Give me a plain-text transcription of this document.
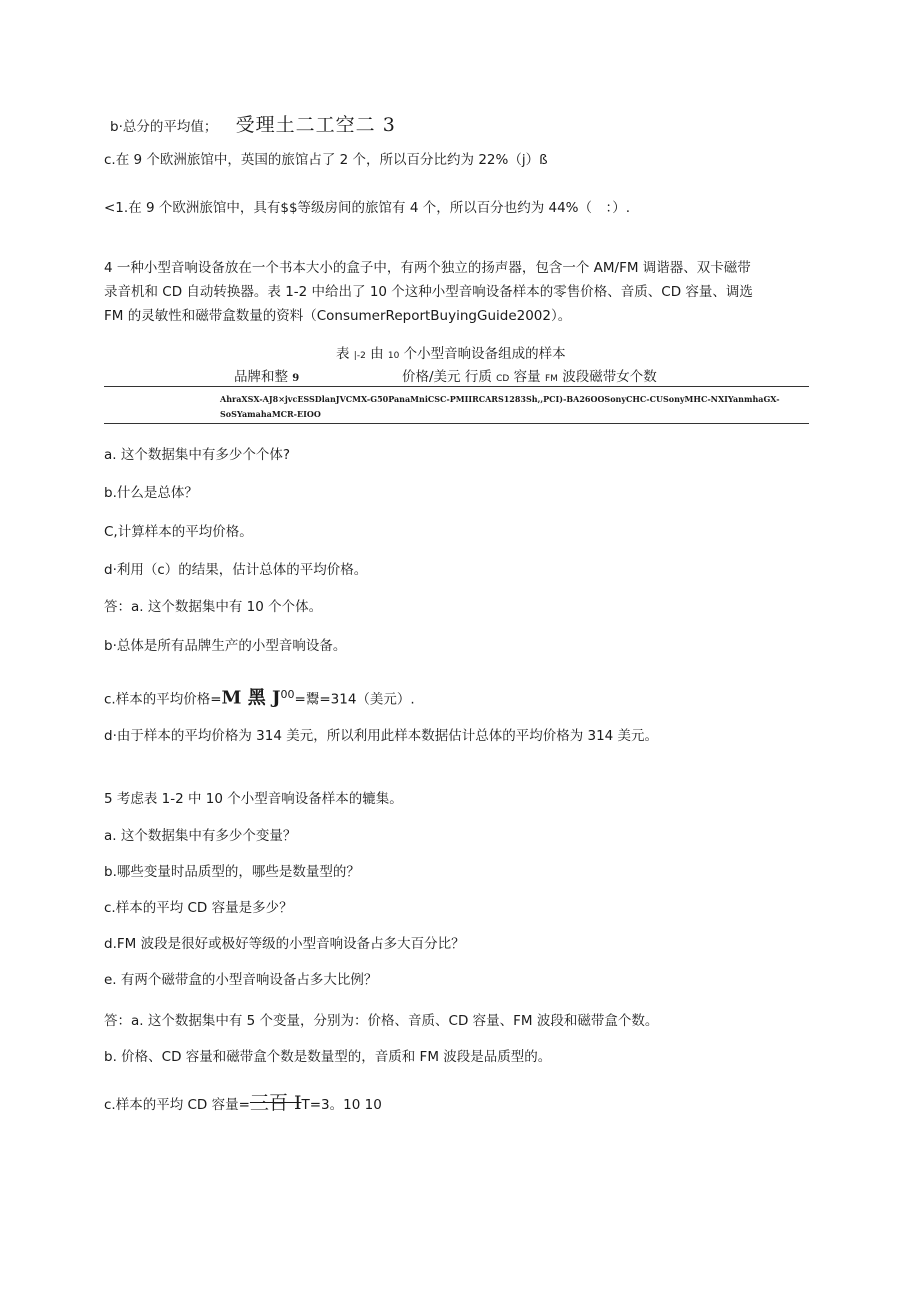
b·总分的平均值； 受理土二工空二 3
c.在 9 个欧洲旅馆中，英国的旅馆占了 2 个，所以百分比约为 22%（j）ß
<1.在 9 个欧洲旅馆中，具有$$等级房间的旅馆有 4 个，所以百分也约为 44%（　：）.
4 一种小型音响设备放在一个书本大小的盒子中，有两个独立的扬声器，包含一个 AM/FM 调谐器、双卡磁带
录音机和 CD 自动转换器。表 1-2 中给出了 10 个这种小型音响设备样本的零售价格、音质、CD 容量、调选
FM 的灵敏性和磁带盒数量的资料（ConsumerReportBuyingGuide2002）。
表 |-2 由 10 个小型音晌设备组成的样本
品牌和整 9	价格/美元 行质 CD 容量 FM 波段磁带女个数
AhraXSX-AJ8×jvcESSDlanJVCMX-G50PanaMniCSC-PMIIRCARS1283Sh,,PCI)-BA26OOSonyCHC-CUSonyMHC-NXIYanmhaGX-
SoSYamahaMCR-EIOO
a. 这个数据集中有多少个个体?
b.什么是总体？
C,计算样本的平均价格。
d·利用（c）的结果，估计总体的平均价格。
答：a. 这个数据集中有 10 个个体。
b·总体是所有品牌生产的小型音响设备。
c.样本的平均价格=M 黑 $J^{00}=$鬻=314（美元）.
d·由于样本的平均价格为 314 美元，所以利用此样本数据估计总体的平均价格为 314 美元。
5 考虑表 1-2 中 10 个小型音响设备样本的辘集。
a. 这个数据集中有多少个变量？
b.哪些变量时品质型的，哪些是数量型的？
c.样本的平均 CD 容量是多少？
d.FM 波段是很好或极好等级的小型音响设备占多大百分比？
e. 有两个磁带盒的小型音响设备占多大比例？
答：a. 这个数据集中有 5 个变量，分别为：价格、音质、CD 容量、FM 波段和磁带盒个数。
b. 价格、CD 容量和磁带盒个数是数量型的，音质和 FM 波段是品质型的。
c.样本的平均 CD 容量=三百 IT=3。10 10
